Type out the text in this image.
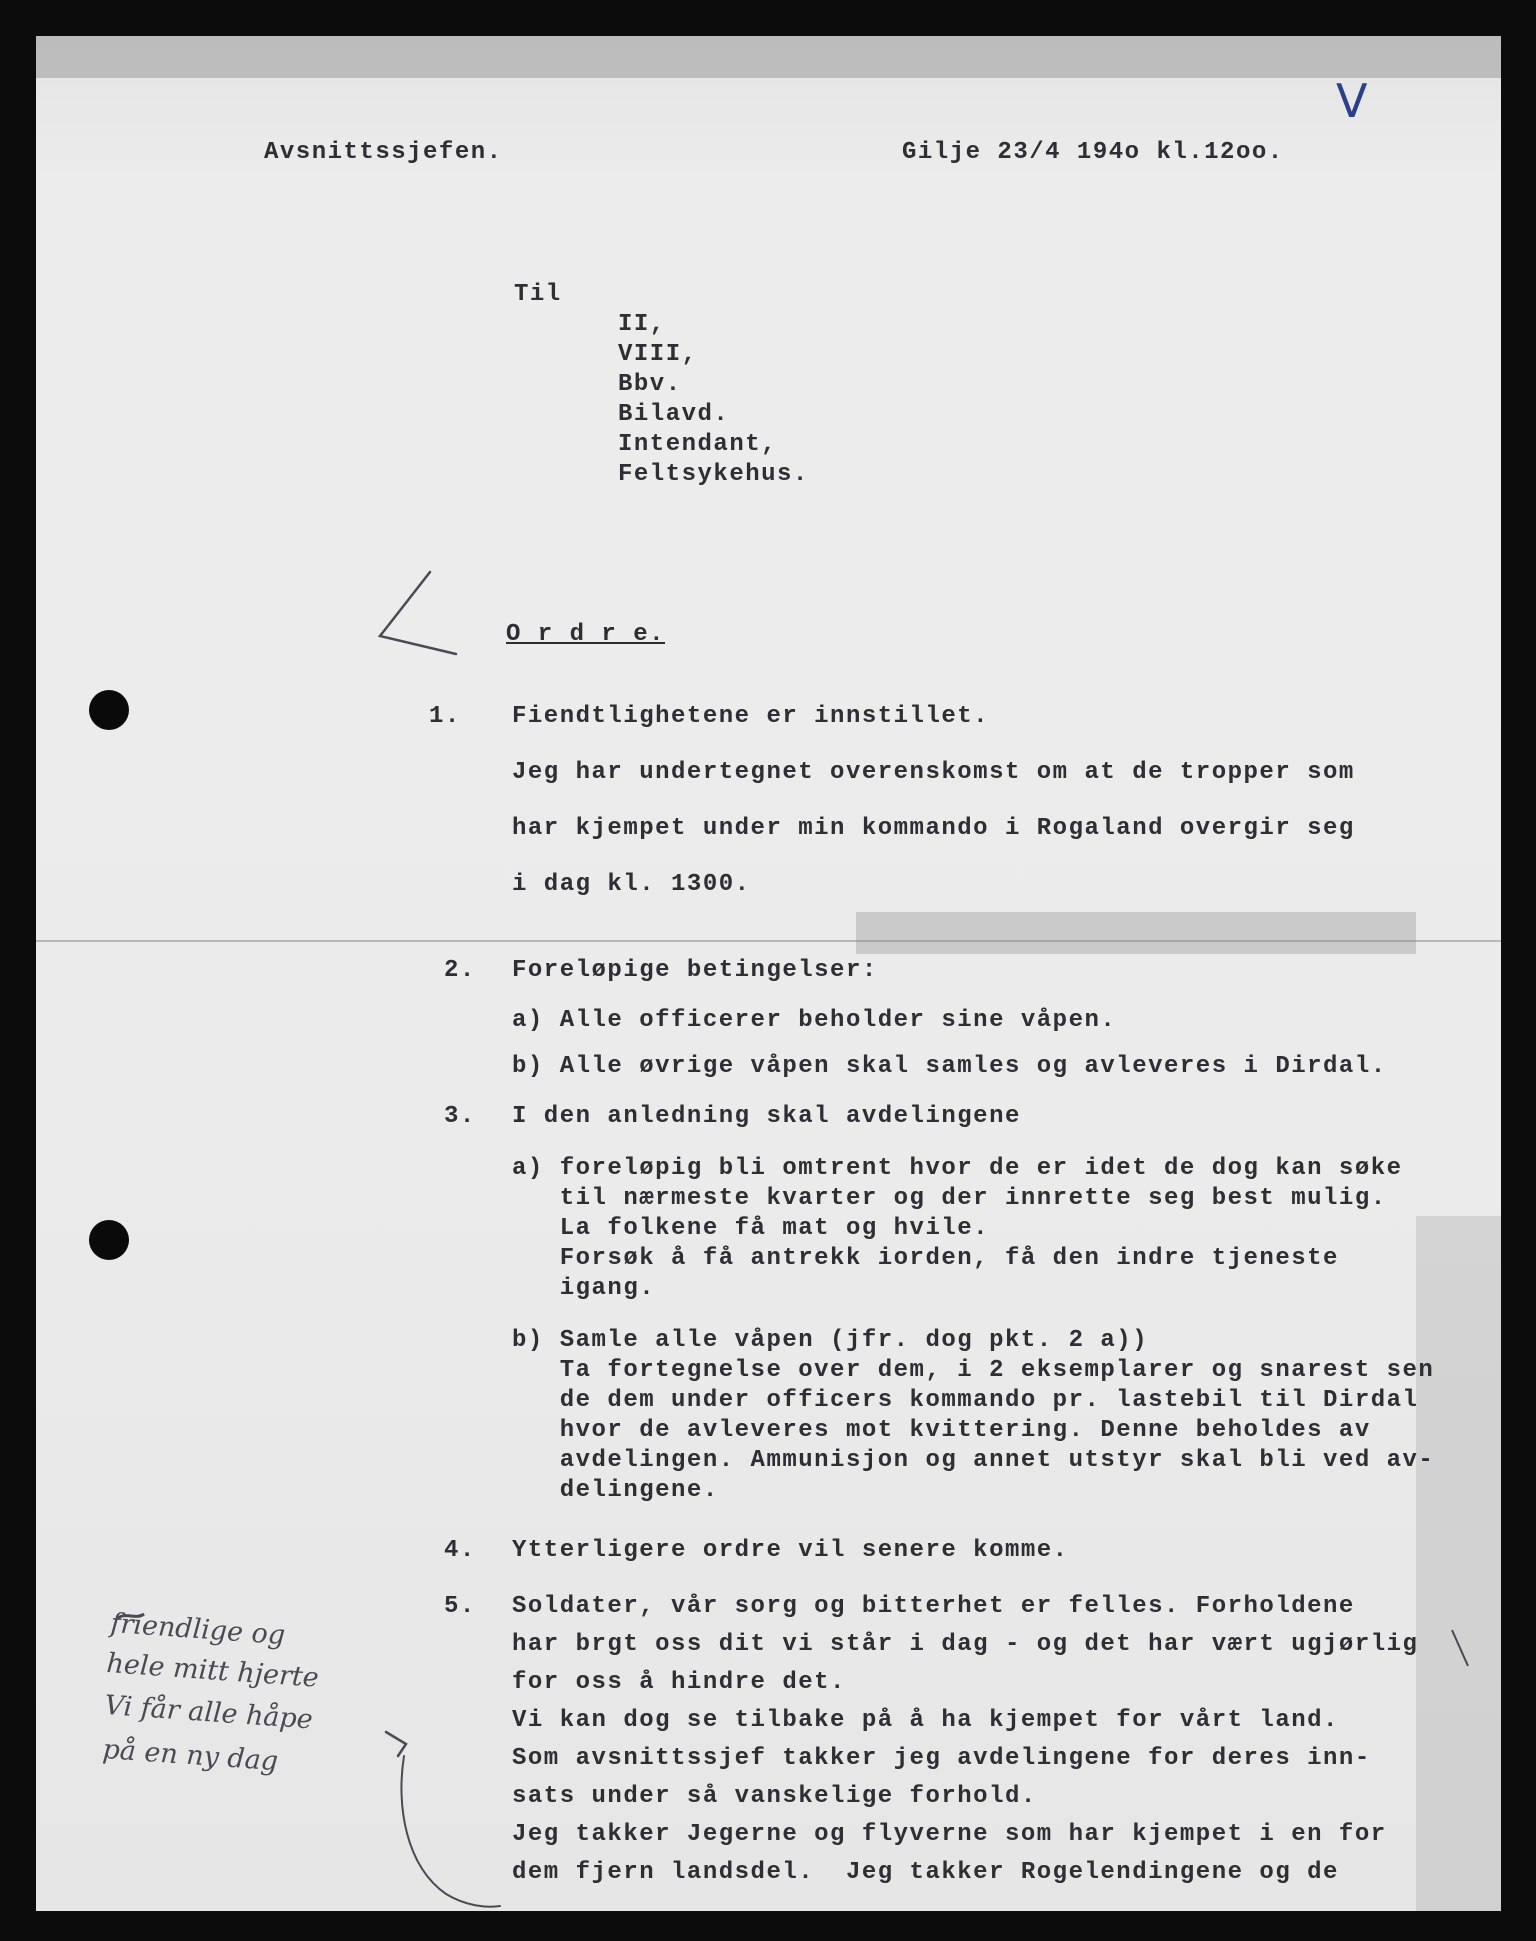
Avsnittssjefen.	Gilje 23/4 194o kl.12oo.
V
Til
II,
VIII,
Bbv.
Bilavd.
Intendant,
Feltsykehus.
O r d r e.
1. Fiendtlighetene er innstillet.
Jeg har undertegnet overenskomst om at de tropper som
har kjempet under min kommando i Rogaland overgir seg
i dag kl. 1300.
2. Foreløpige betingelser:
a) Alle officerer beholder sine våpen.
b) Alle øvrige våpen skal samles og avleveres i Dirdal.
3. I den anledning skal avdelingene
a) foreløpig bli omtrent hvor de er idet de dog kan søke
til nærmeste kvarter og der innrette seg best mulig.
La folkene få mat og hvile.
Forsøk å få antrekk iorden, få den indre tjeneste
igang.
b) Samle alle våpen (jfr. dog pkt. 2 a))
Ta fortegnelse over dem, i 2 eksemplarer og snarest sen
de dem under officers kommando pr. lastebil til Dirdal
hvor de avleveres mot kvittering. Denne beholdes av
avdelingen. Ammunisjon og annet utstyr skal bli ved av-
delingene.
4. Ytterligere ordre vil senere komme.
5. Soldater, vår sorg og bitterhet er felles. Forholdene
har brgt oss dit vi står i dag - og det har vært ugjørlig
for oss å hindre det.
Vi kan dog se tilbake på å ha kjempet for vårt land.
Som avsnittssjef takker jeg avdelingene for deres inn-
sats under så vanskelige forhold.
Jeg takker Jegerne og flyverne som har kjempet i en for
dem fjern landsdel.  Jeg takker Rogelendingene og de
friendlige og
hele mitt hjerte
Vi får alle håpe
på en ny dag
